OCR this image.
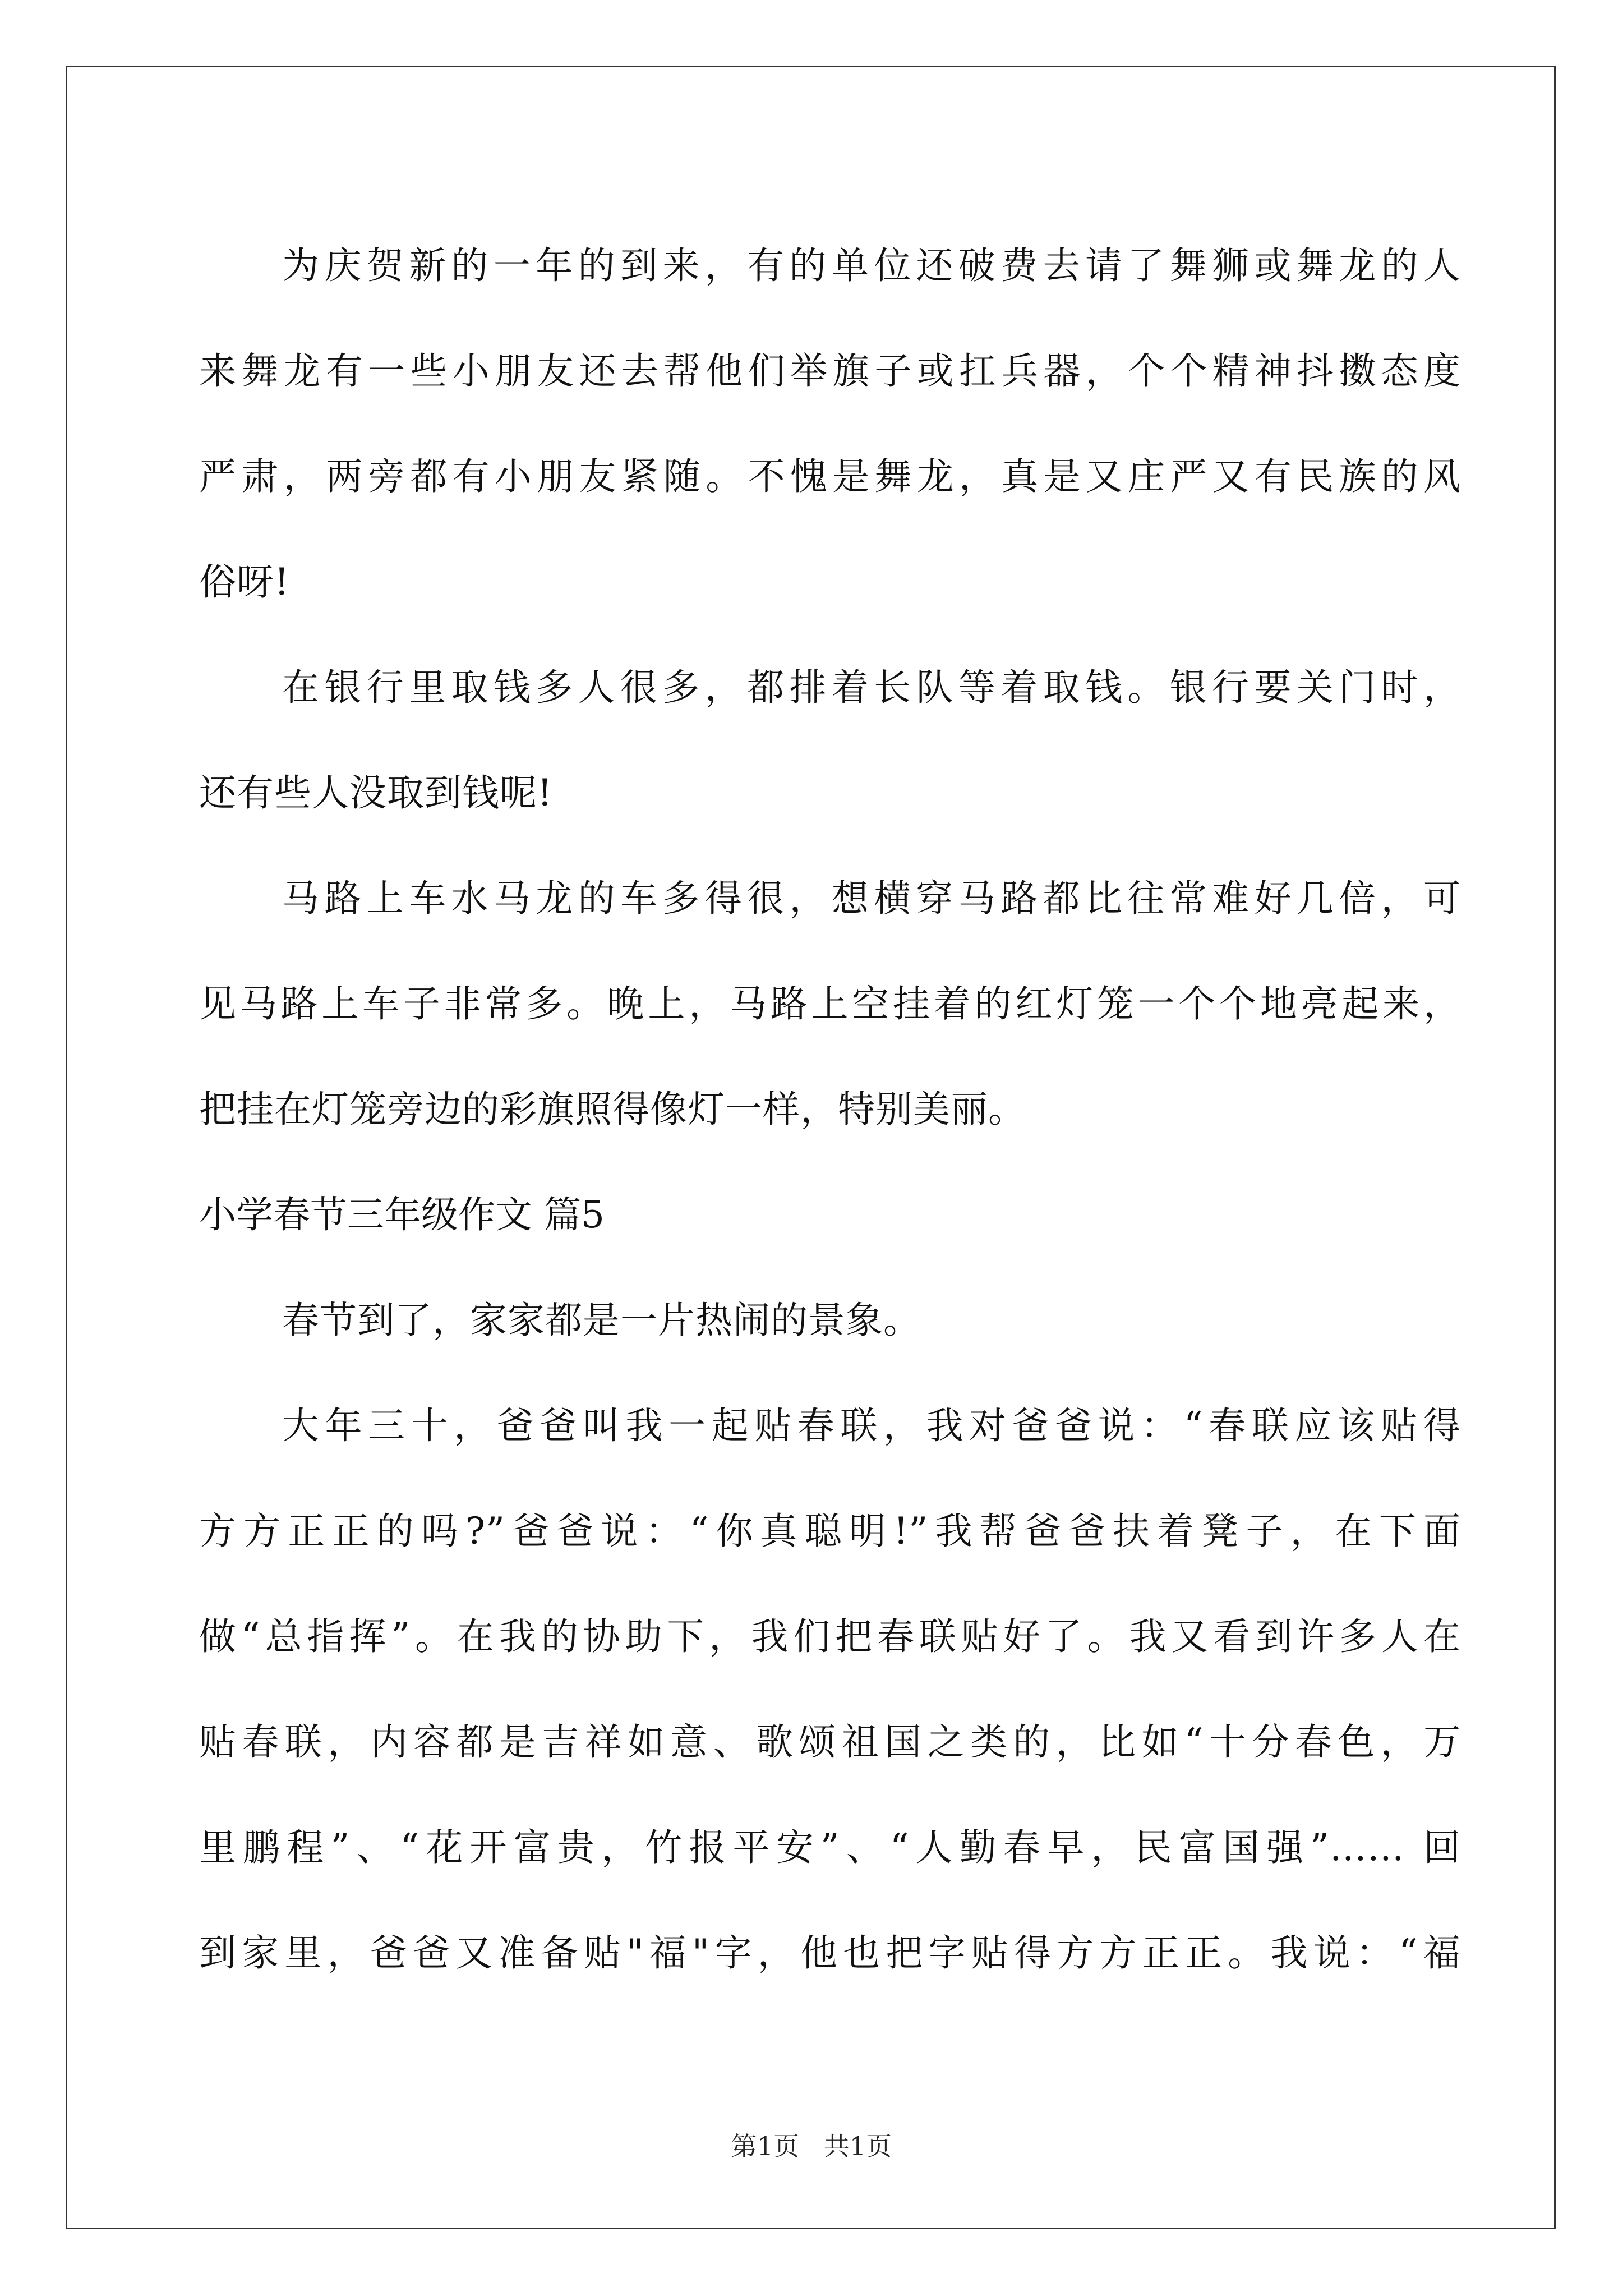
为庆贺新的一年的到来，有的单位还破费去请了舞狮或舞龙的人
来舞龙有一些小朋友还去帮他们举旗子或扛兵器，个个精神抖擞态度
严肃，两旁都有小朋友紧随。不愧是舞龙，真是又庄严又有民族的风
俗呀!
在银行里取钱多人很多，都排着长队等着取钱。银行要关门时，
还有些人没取到钱呢!
马路上车水马龙的车多得很，想横穿马路都比往常难好几倍，可
见马路上车子非常多。晚上，马路上空挂着的红灯笼一个个地亮起来，
把挂在灯笼旁边的彩旗照得像灯一样，特别美丽。
小学春节三年级作文 篇5
春节到了，家家都是一片热闹的景象。
大年三十，爸爸叫我一起贴春联，我对爸爸说：“春联应该贴得
方方正正的吗?”爸爸说：“你真聪明!”我帮爸爸扶着凳子，在下面
做“总指挥”。在我的协助下，我们把春联贴好了。我又看到许多人在
贴春联，内容都是吉祥如意、歌颂祖国之类的，比如“十分春色，万
里鹏程”、“花开富贵，竹报平安”、“人勤春早，民富国强”…… 回
到家里，爸爸又准备贴"福"字，他也把字贴得方方正正。我说：“福
第1页   共1页
